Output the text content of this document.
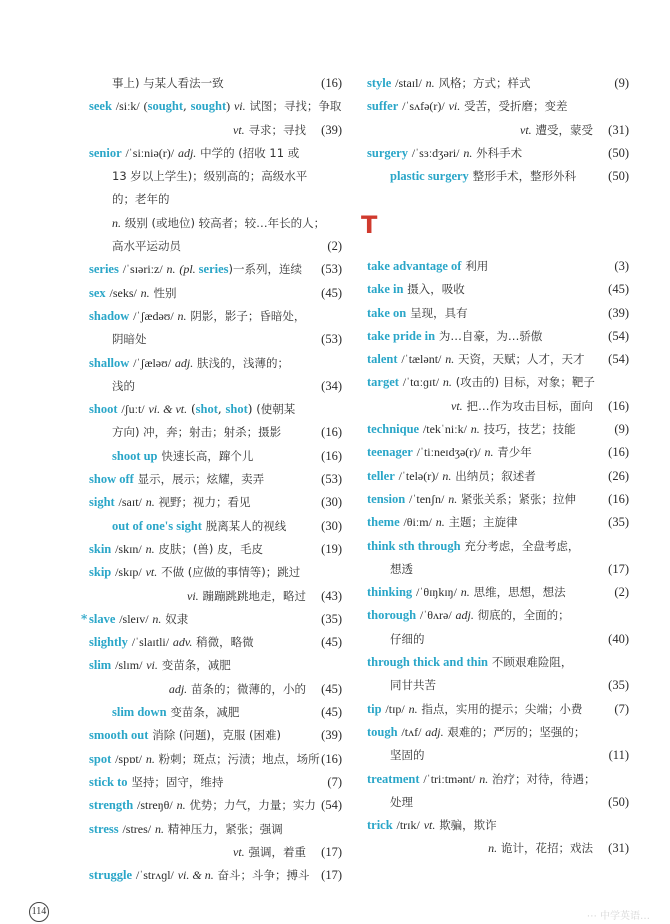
事上) 与某人看法一致	(16)
seek /siːk/ (sought, sought) vi. 试图；寻找；争取
vt. 寻求；寻找 (39)
senior /ˈsiːniə(r)/ adj. 中学的 (招收 11 或
13 岁以上学生)；级别高的；高级水平
的；老年的
n. 级别 (或地位) 较高者；较…年长的人；
高水平运动员	(2)
series /ˈsɪəriːz/ n. (pl. series)一系列，连续 (53)
sex /seks/ n. 性别	(45)
shadow /ˈʃædəʊ/ n. 阴影，影子；昏暗处，
阴暗处	(53)
shallow /ˈʃæləʊ/ adj. 肤浅的，浅薄的；
浅的	(34)
shoot /ʃuːt/ vi. & vt. (shot, shot) (使朝某
方向) 冲，奔；射击；射杀；摄影	(16)
shoot up 快速长高，蹿个儿	(16)
show off 显示，展示；炫耀，卖弄	(53)
sight /saɪt/ n. 视野；视力；看见	(30)
out of one's sight 脱离某人的视线	(30)
skin /skɪn/ n. 皮肤；(兽) 皮，毛皮	(19)
skip /skɪp/ vt. 不做 (应做的事情等)；跳过
vi. 蹦蹦跳跳地走，略过 (43)
* slave /sleɪv/ n. 奴隶	(35)
slightly /ˈslaɪtli/ adv. 稍微，略微	(45)
slim /slɪm/ vi. 变苗条，减肥
adj. 苗条的；微薄的，小的 (45)
slim down 变苗条，减肥	(45)
smooth out 消除 (问题)，克服 (困难)	(39)
spot /spɒt/ n. 粉刺；斑点；污渍；地点，场所 (16)
stick to 坚持；固守，维持	(7)
strength /streŋθ/ n. 优势；力气，力量；实力 (54)
stress /stres/ n. 精神压力，紧张；强调
vt. 强调，着重 (17)
struggle /ˈstrʌɡl/ vi. & n. 奋斗；斗争；搏斗 (17)
style /staɪl/ n. 风格；方式；样式	(9)
suffer /ˈsʌfə(r)/ vi. 受苦，受折磨；变差
vt. 遭受，蒙受 (31)
surgery /ˈsɜːdʒəri/ n. 外科手术	(50)
plastic surgery 整形手术，整形外科	(50)
T
take advantage of 利用	(3)
take in 摄入，吸收	(45)
take on 呈现，具有	(39)
take pride in 为…自豪，为…骄傲	(54)
talent /ˈtælənt/ n. 天资，天赋；人才，天才 (54)
target /ˈtɑːɡɪt/ n. (攻击的) 目标，对象；靶子
vt. 把…作为攻击目标，面向 (16)
technique /tekˈniːk/ n. 技巧，技艺；技能	(9)
teenager /ˈtiːneɪdʒə(r)/ n. 青少年	(16)
teller /ˈtelə(r)/ n. 出纳员；叙述者	(26)
tension /ˈtenʃn/ n. 紧张关系；紧张；拉伸	(16)
theme /θiːm/ n. 主题；主旋律	(35)
think sth through 充分考虑，全盘考虑，
想透	(17)
thinking /ˈθɪŋkɪŋ/ n. 思维，思想，想法	(2)
thorough /ˈθʌrə/ adj. 彻底的，全面的；
仔细的	(40)
through thick and thin 不顾艰难险阻，
同甘共苦	(35)
tip /tɪp/ n. 指点，实用的提示；尖端；小费	(7)
tough /tʌf/ adj. 艰难的；严厉的；坚强的；
坚固的	(11)
treatment /ˈtriːtmənt/ n. 治疗；对待，待遇；
处理	(50)
trick /trɪk/ vt. 欺骗，欺诈
n. 诡计，花招；戏法 (31)
114	⋯ 中学英语…
